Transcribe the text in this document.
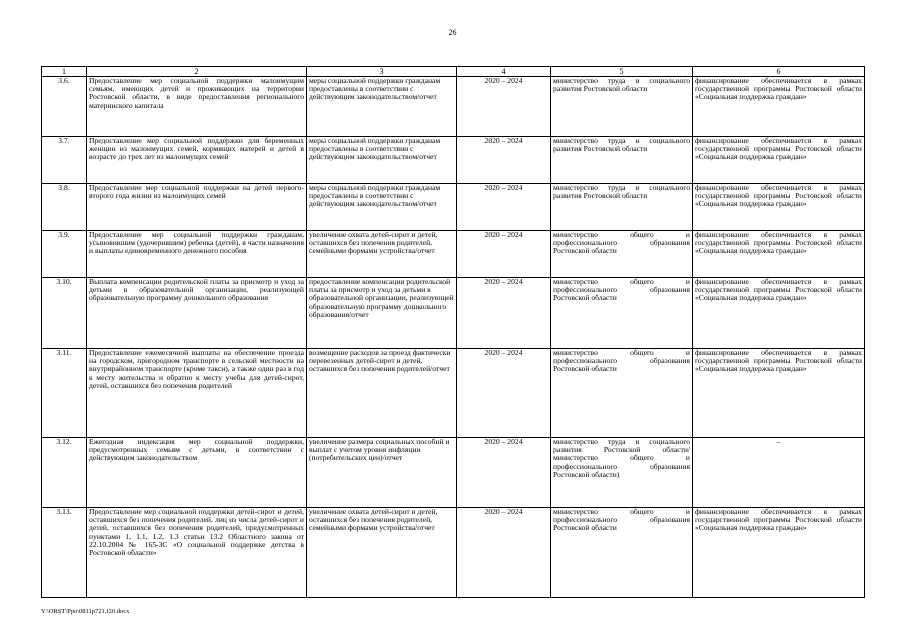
26
1	2	3	4	5	6
3.6.	Предоставление мер социальной поддержки малоимущим семьям, имеющих детей и проживающих на территории Ростовской области, в виде предоставления регионального материнского капитала	меры социальной поддержки гражданам предоставлены в соответствии с действующим законодательством/отчет	2020 – 2024	министерство труда и социального развития Ростовской области	финансирование обеспечивается в рамках государственной программы Ростовской области «Социальная поддержка граждан»
3.7.	Предоставление мер социальной поддержки для беременных женщин из малоимущих семей, кормящих матерей и детей в возрасте до трех лет из малоимущих семей	меры социальной поддержки гражданам предоставлены в соответствии с действующим законодательством/отчет	2020 – 2024	министерство труда и социального развития Ростовской области	финансирование обеспечивается в рамках государственной программы Ростовской области «Социальная поддержка граждан»
3.8.	Предоставление мер социальной поддержки на детей первого-второго года жизни из малоимущих семей	меры социальной поддержки гражданам предоставлены в соответствии с действующим законодательством/отчет	2020 – 2024	министерство труда и социального развития Ростовской области	финансирование обеспечивается в рамках государственной программы Ростовской области «Социальная поддержка граждан»
3.9.	Предоставление мер социальной поддержки гражданам, усыновившим (удочерившим) ребенка (детей), в части назначения и выплаты единовременного денежного пособия	увеличение охвата детей-сирот и детей, оставшихся без попечения родителей, семейными формами устройства/отчет	2020 – 2024	министерство общего и профессионального образования Ростовской области	финансирование обеспечивается в рамках государственной программы Ростовской области «Социальная поддержка граждан»
3.10.	Выплата компенсации родительской платы за присмотр и уход за детьми в образовательной организации, реализующей образовательную программу дошкольного образования	предоставление компенсации родительской платы за присмотр и уход за детьми в образовательной организации, реализующей образовательную программу дошкольного образования/отчет	2020 – 2024	министерство общего и профессионального образования Ростовской области	финансирование обеспечивается в рамках государственной программы Ростовской области «Социальная поддержка граждан»
3.11.	Предоставление ежемесячной выплаты на обеспечение проезда на городском, пригородном транспорте в сельской местности на внутрирайонном транспорте (кроме такси), а также один раз в год к месту жительства и обратно к месту учебы для детей-сирот, детей, оставшихся без попечения родителей	возмещение расходов за проезд фактически перевезенных детей-сирот и детей, оставшихся без попечения родителей/отчет	2020 – 2024	министерство общего и профессионального образования Ростовской области	финансирование обеспечивается в рамках государственной программы Ростовской области «Социальная поддержка граждан»
3.12.	Ежегодная индексация мер социальной поддержки, предусмотренных семьям с детьми, в соответствии с действующим законодательством	увеличение размера социальных пособий и выплат с учетом уровня инфляции (потребительских цен)/отчет	2020 – 2024	министерство труда и социального развития Ростовской области/министерство общего и профессионального образования Ростовской области)	–
3.13.	Предоставление мер социальной поддержки детей-сирот и детей, оставшихся без попечения родителей, лиц из числа детей-сирот и детей, оставшихся без попечения родителей, предусмотренных пунктами 1, 1.1, 1.2, 1.3 статьи 13.2 Областного закона от 22.10.2004 № 165-ЗС «О социальной поддержке детства в Ростовской области»	увеличение охвата детей-сирот и детей, оставшихся без попечения родителей, семейными формами устройства/отчет	2020 – 2024	министерство общего и профессионального образования Ростовской области	финансирование обеспечивается в рамках государственной программы Ростовской области «Социальная поддержка граждан»
Y:\ORST\Ppo\0811p721.f20.docx
